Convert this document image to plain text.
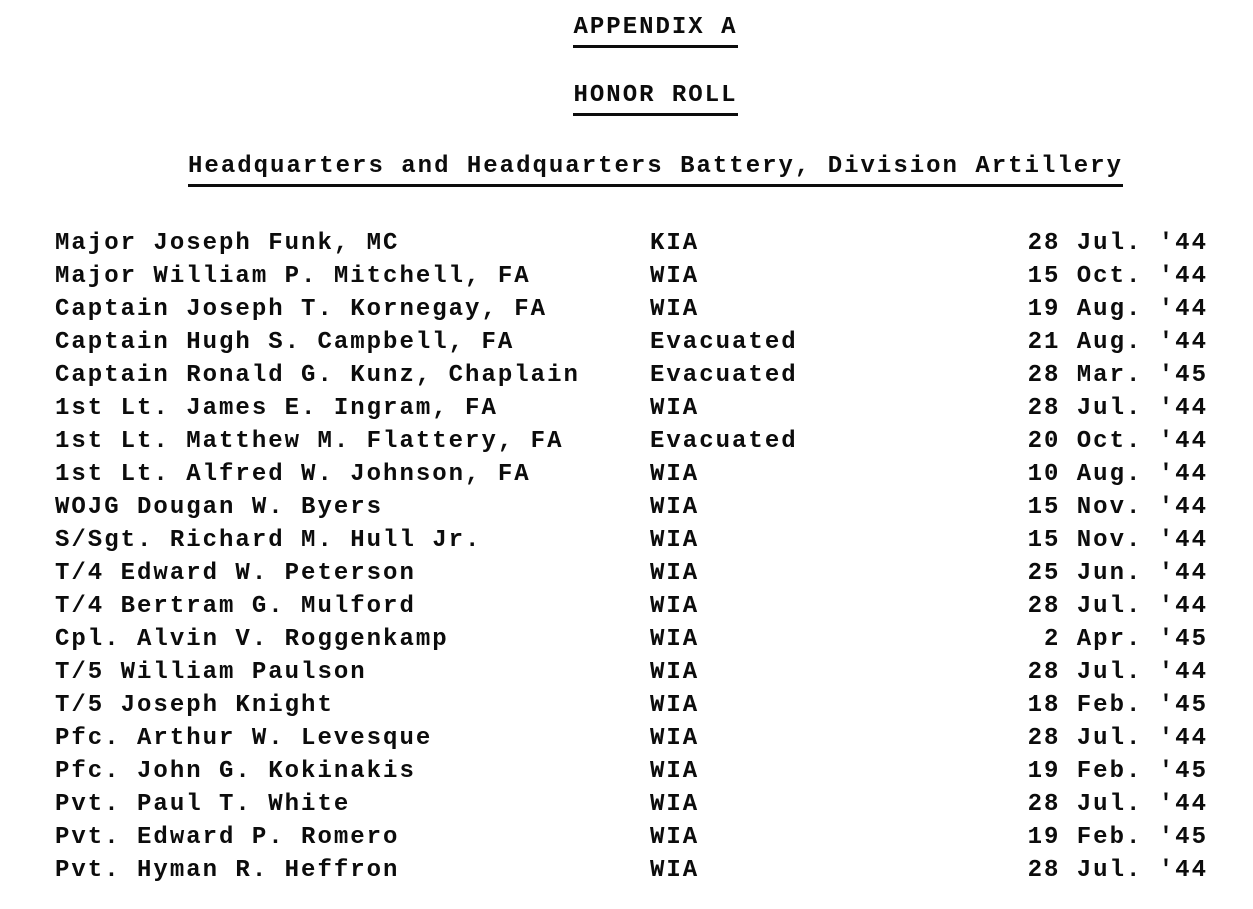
APPENDIX A
HONOR ROLL
Headquarters and Headquarters Battery, Division Artillery
Major Joseph Funk, MC	KIA	28 Jul. '44
Major William P. Mitchell, FA	WIA	15 Oct. '44
Captain Joseph T. Kornegay, FA	WIA	19 Aug. '44
Captain Hugh S. Campbell, FA	Evacuated	21 Aug. '44
Captain Ronald G. Kunz, Chaplain	Evacuated	28 Mar. '45
1st Lt. James E. Ingram, FA	WIA	28 Jul. '44
1st Lt. Matthew M. Flattery, FA	Evacuated	20 Oct. '44
1st Lt. Alfred W. Johnson, FA	WIA	10 Aug. '44
WOJG Dougan W. Byers	WIA	15 Nov. '44
S/Sgt. Richard M. Hull Jr.	WIA	15 Nov. '44
T/4 Edward W. Peterson	WIA	25 Jun. '44
T/4 Bertram G. Mulford	WIA	28 Jul. '44
Cpl. Alvin V. Roggenkamp	WIA	2 Apr. '45
T/5 William Paulson	WIA	28 Jul. '44
T/5 Joseph Knight	WIA	18 Feb. '45
Pfc. Arthur W. Levesque	WIA	28 Jul. '44
Pfc. John G. Kokinakis	WIA	19 Feb. '45
Pvt. Paul T. White	WIA	28 Jul. '44
Pvt. Edward P. Romero	WIA	19 Feb. '45
Pvt. Hyman R. Heffron	WIA	28 Jul. '44
